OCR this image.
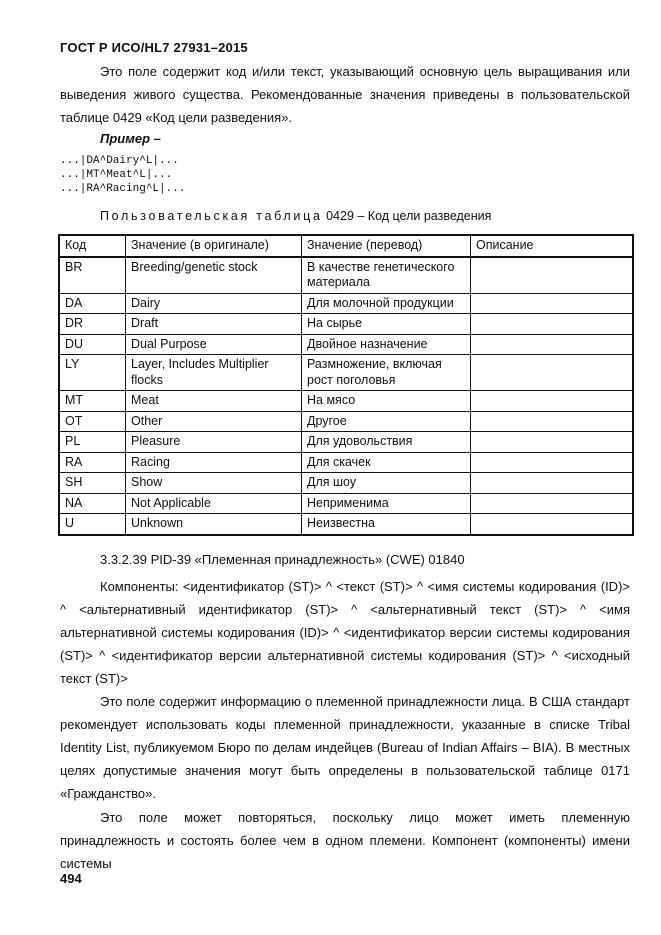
ГОСТ Р ИСО/HL7 27931–2015
Это поле содержит код и/или текст, указывающий основную цель выращивания или выведения живого существа. Рекомендованные значения приведены в пользовательской таблице 0429 «Код цели разведения».
Пример –
...|DA^Dairy^L|...
...|MT^Meat^L|...
...|RA^Racing^L|...
Пользовательская таблица 0429 – Код цели разведения
Код	Значение (в оригинале)	Значение (перевод)	Описание
BR	Breeding/genetic stock	В качестве генетического материала	
DA	Dairy	Для молочной продукции	
DR	Draft	На сырье	
DU	Dual Purpose	Двойное назначение	
LY	Layer, Includes Multiplier flocks	Размножение, включая рост поголовья	
MT	Meat	На мясо	
OT	Other	Другое	
PL	Pleasure	Для удовольствия	
RA	Racing	Для скачек	
SH	Show	Для шоу	
NA	Not Applicable	Неприменима	
U	Unknown	Неизвестна	
3.3.2.39 PID-39 «Племенная принадлежность» (CWE) 01840
Компоненты: <идентификатор (ST)> ^ <текст (ST)> ^ <имя системы кодирования (ID)> ^ <альтернативный идентификатор (ST)> ^ <альтернативный текст (ST)> ^ <имя альтернативной системы кодирования (ID)> ^ <идентификатор версии системы кодирования (ST)> ^ <идентификатор версии альтернативной системы кодирования (ST)> ^ <исходный текст (ST)>
Это поле содержит информацию о племенной принадлежности лица. В США стандарт рекомендует использовать коды племенной принадлежности, указанные в списке Tribal Identity List, публикуемом Бюро по делам индейцев (Bureau of Indian Affairs – BIA). В местных целях допустимые значения могут быть определены в пользовательской таблице 0171 «Гражданство».
Это поле может повторяться, поскольку лицо может иметь племенную принадлежность и состоять более чем в одном племени. Компонент (компоненты) имени системы
494
